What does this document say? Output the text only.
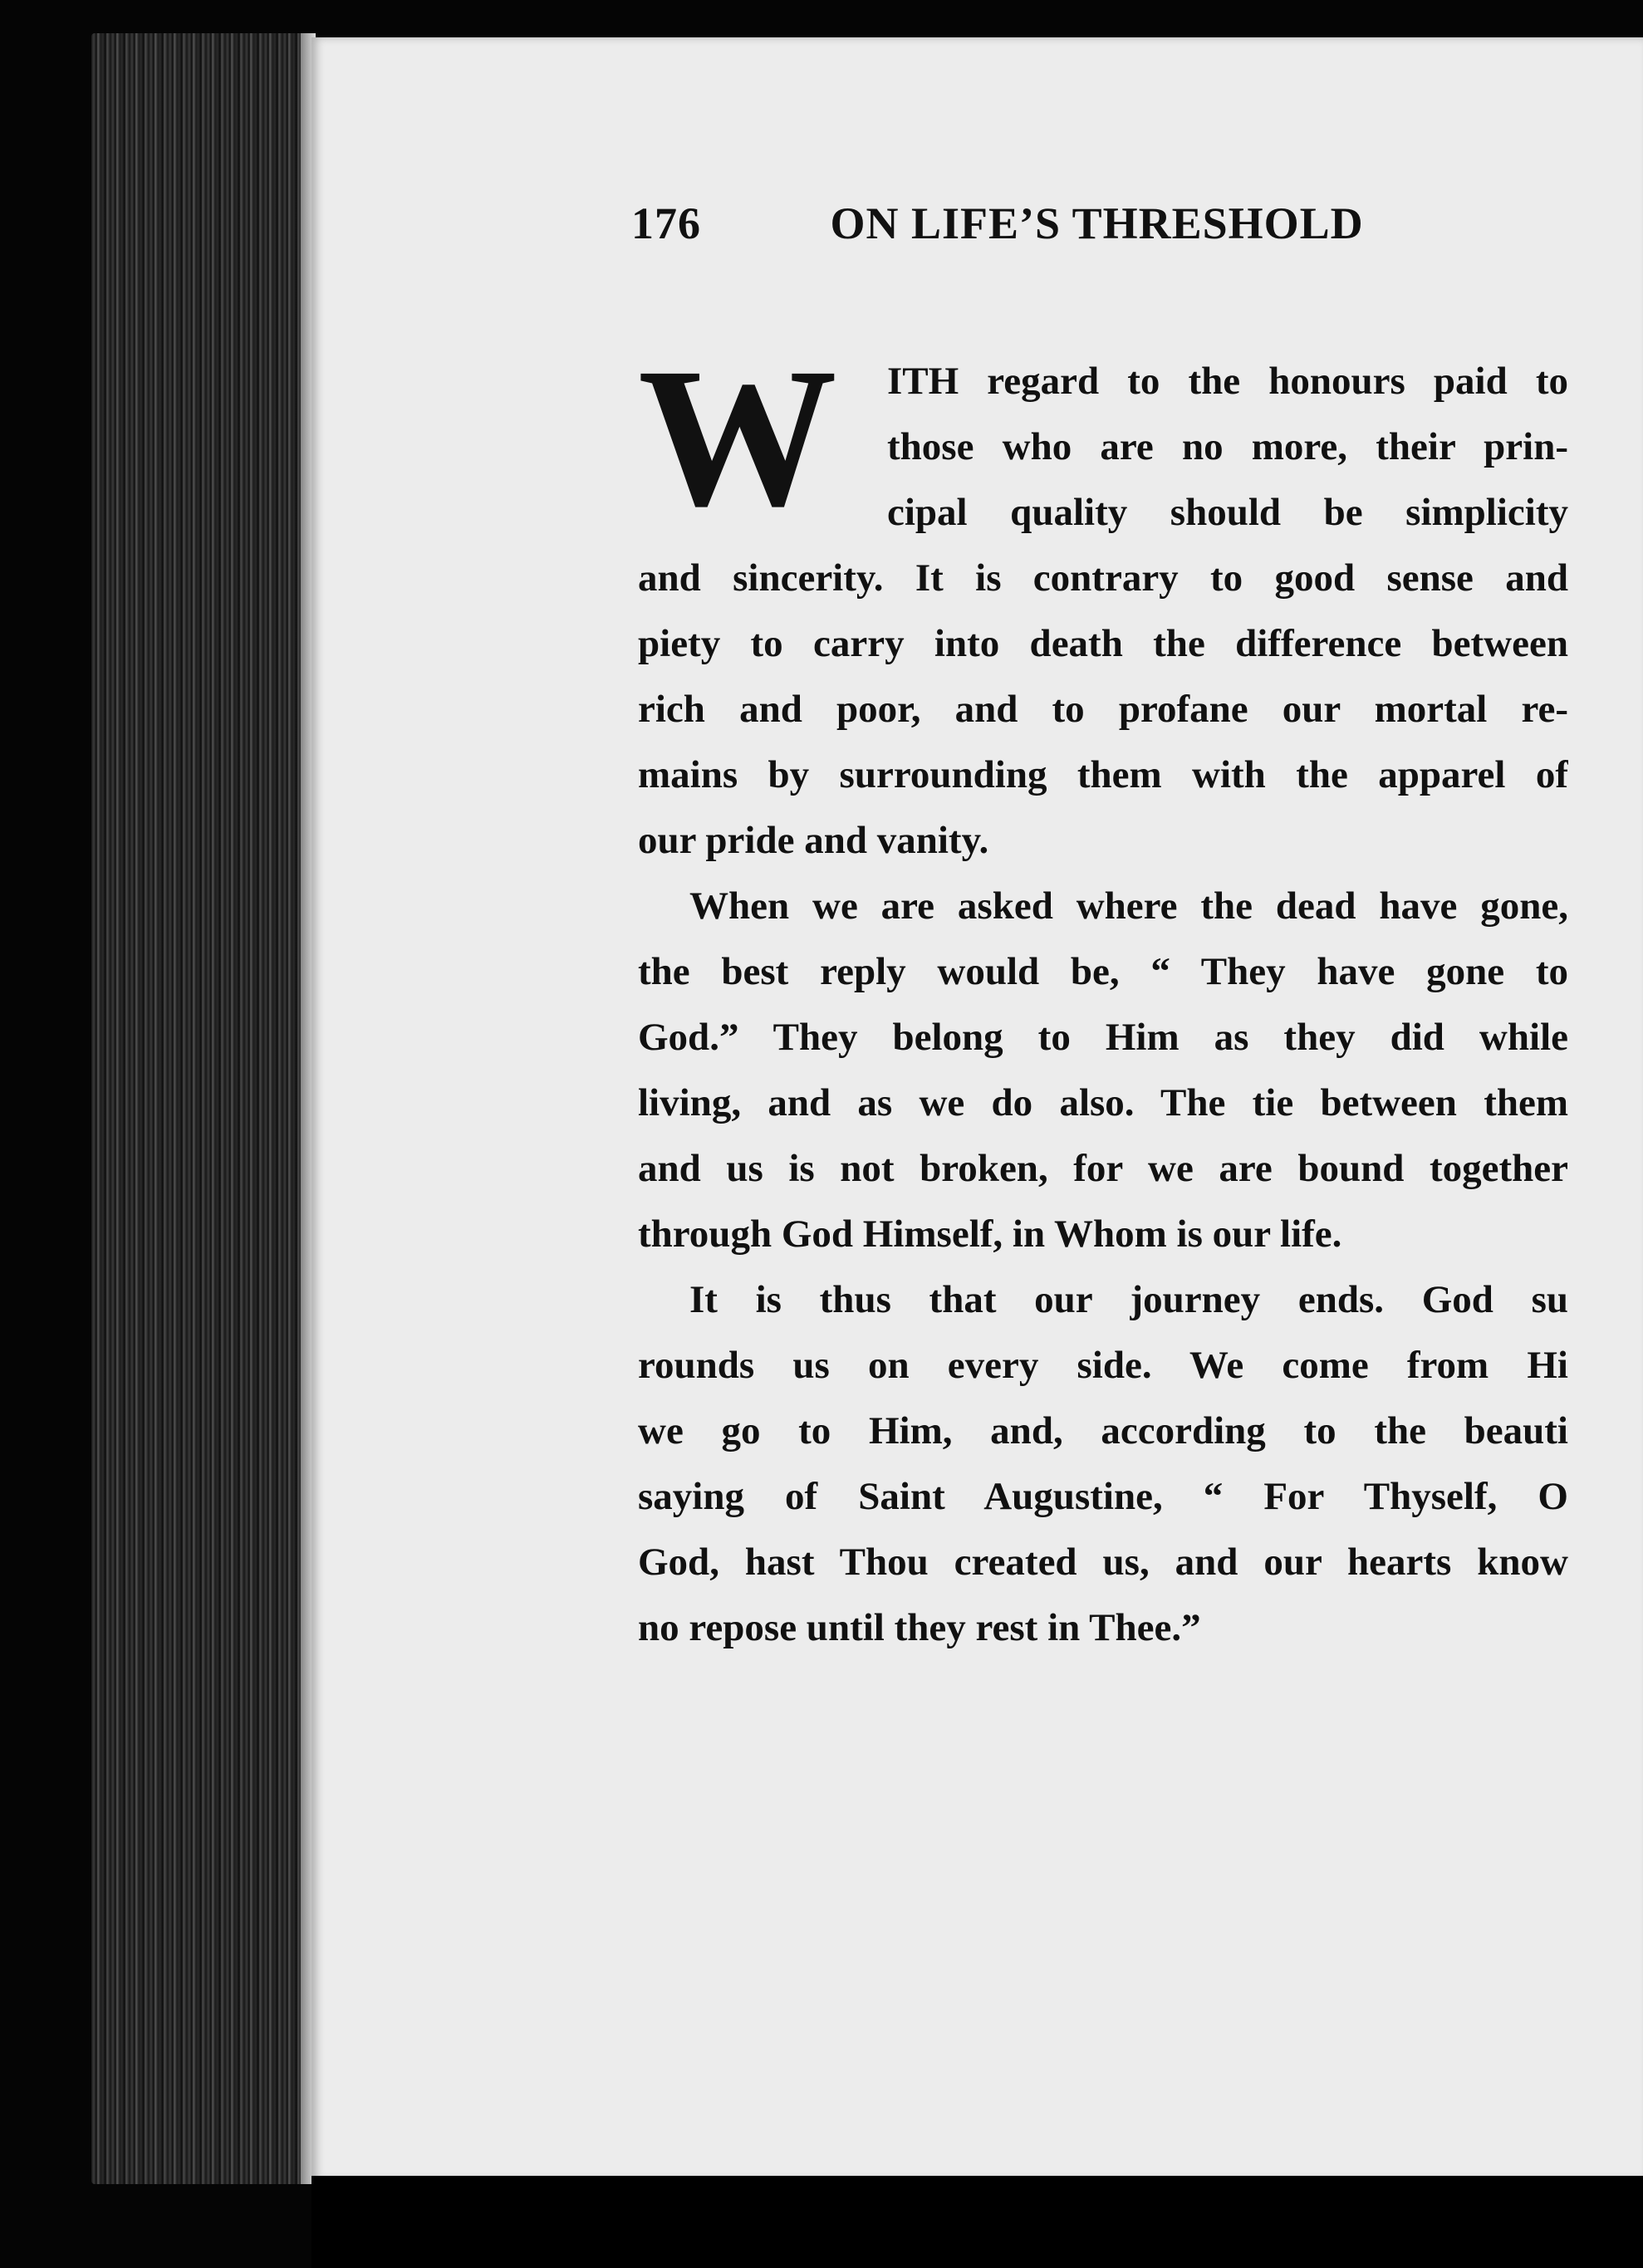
176	ON LIFE’S THRESHOLD
W	ITH regard to the honours paid to
those who are no more, their prin-
cipal quality should be simplicity
and sincerity. It is contrary to good sense and
piety to carry into death the difference between
rich and poor, and to profane our mortal re-
mains by surrounding them with the apparel of
our pride and vanity.
When we are asked where the dead have gone,
the best reply would be, “ They have gone to
God.” They belong to Him as they did while
living, and as we do also. The tie between them
and us is not broken, for we are bound together
through God Himself, in Whom is our life.
It is thus that our journey ends. God su
rounds us on every side. We come from Hi
we go to Him, and, according to the beauti
saying of Saint Augustine, “ For Thyself, O
God, hast Thou created us, and our hearts know
no repose until they rest in Thee.”
